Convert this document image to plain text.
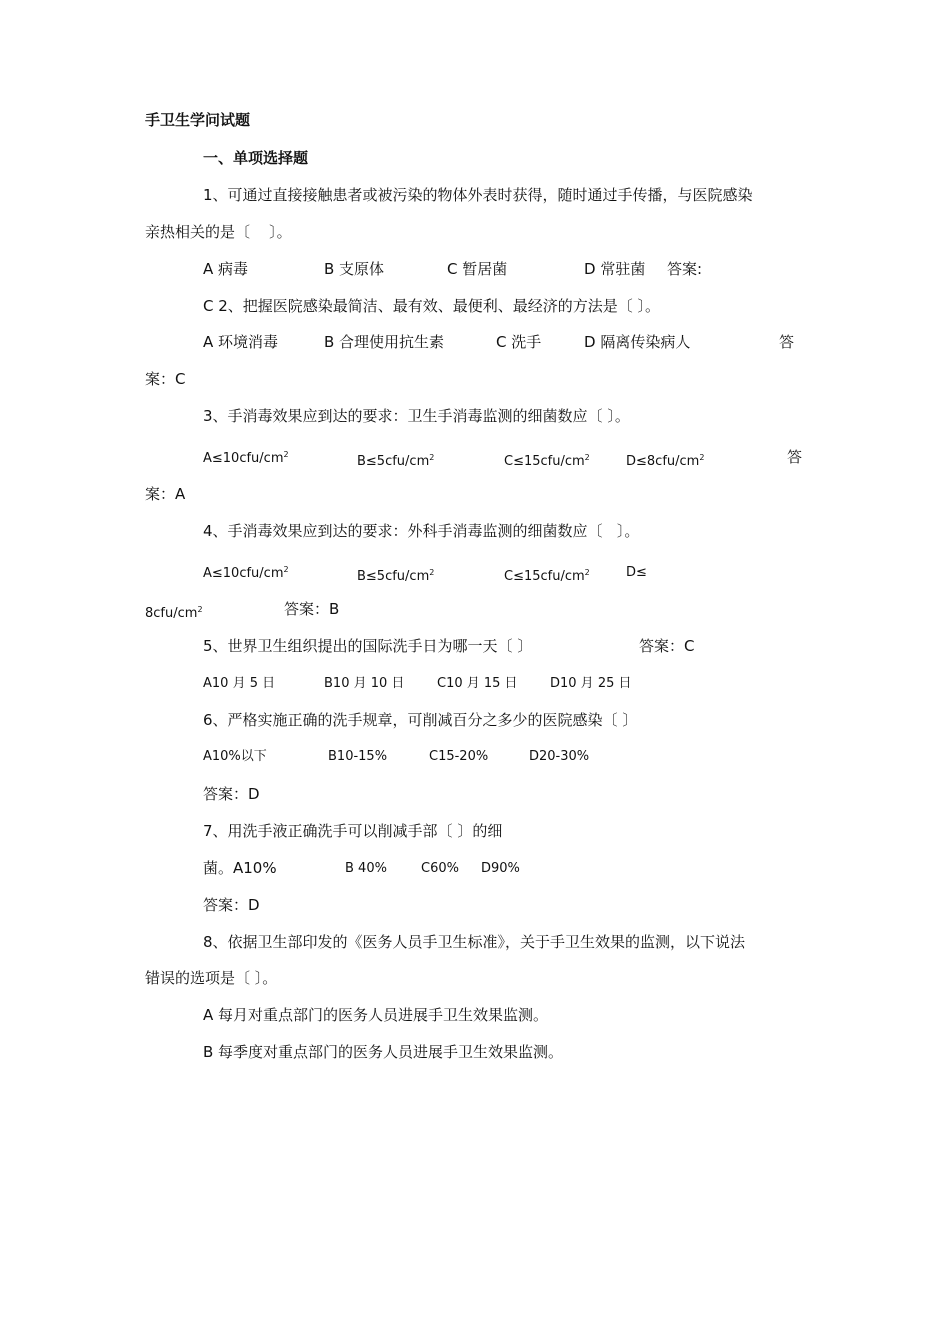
手卫生学问试题
一、单项选择题
1、可通过直接接触患者或被污染的物体外表时获得，随时通过手传播，与医院感染
亲热相关的是〔    〕。
A 病毒	B 支原体	C 暂居菌	D 常驻菌 答案:
C 2、把握医院感染最简洁、最有效、最便利、最经济的方法是〔 〕。
A 环境消毒	B 合理使用抗生素	C 洗手	D 隔离传染病人	答
案：C
3、手消毒效果应到达的要求：卫生手消毒监测的细菌数应〔 〕。
$A\le 10cfu/cm^2$	$B\le 5cfu/cm^2$	$C\le 15cfu/cm^2$	$D\le 8cfu/cm^2$	答
案：A
4、手消毒效果应到达的要求：外科手消毒监测的细菌数应〔   〕。
$A\le 10cfu/cm^2$	$B\le 5cfu/cm^2$	$C\le 15cfu/cm^2$	D≤
$8cfu/cm^2$	答案：B
5、世界卫生组织提出的国际洗手日为哪一天〔 〕	答案：C
A10 月 5 日	B10 月 10 日	C10 月 15 日 D10 月 25 日
6、严格实施正确的洗手规章，可削减百分之多少的医院感染〔 〕
A10%以下	B10-15%	C15-20%	D20-30%
答案：D
7、用洗手液正确洗手可以削减手部〔 〕的细
菌。A10%	B 40%	C60% D90%
答案：D
8、依据卫生部印发的《医务人员手卫生标准》，关于手卫生效果的监测，以下说法
错误的选项是〔 〕。
A 每月对重点部门的医务人员进展手卫生效果监测。
B 每季度对重点部门的医务人员进展手卫生效果监测。
